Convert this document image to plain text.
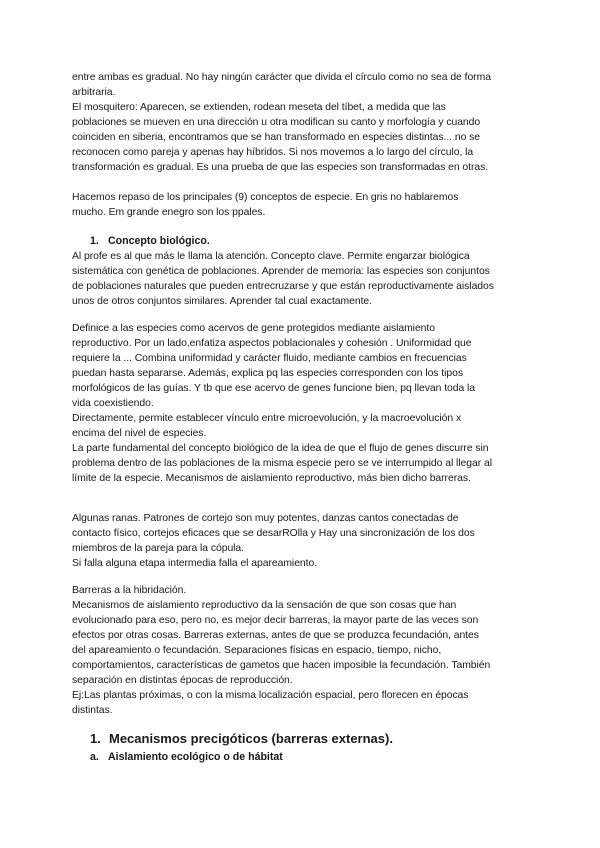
entre ambas es gradual. No hay ningún carácter que divida el círculo como no sea de forma
arbitraria.
El mosquitero: Aparecen, se extienden, rodean meseta del tíbet, a medida que las
poblaciones se mueven en una dirección u otra modifican su canto y morfología y cuando
coinciden en siberia, encontramos que se han transformado en especies distintas... no se
reconocen como pareja y apenas hay híbridos. Si nos movemos a lo largo del círculo, la
transformación es gradual. Es una prueba de que las especies son transformadas en otras.

Hacemos repaso de los principales (9) conceptos de especie. En gris no hablaremos
mucho. Em grande enegro son los ppales.

1. Concepto biológico.

Al profe es al que más le llama la atención. Concepto clave. Permite engarzar biológica
sistemática con genética de poblaciones. Aprender de memoria: las especies son conjuntos
de poblaciones naturales que pueden entrecruzarse y que están reproductivamente aislados
unos de otros conjuntos similares. Aprender tal cual exactamente.

Definice a las especies como acervos de gene protegidos mediante aislamiento
reproductivo. Por un lado,enfatiza aspectos poblacionales y cohesión . Uniformidad que
requiere la ... Combina uniformidad y carácter fluido, mediante cambios en frecuencias
puedan hasta separarse. Además, explica pq las especies corresponden con los tipos
morfológicos de las guías. Y tb que ese acervo de genes funcione bien, pq llevan toda la
vida coexistiendo.
Directamente, permite establecer vínculo entre microevolución, y la macroevolución x
encima del nivel de especies.
La parte fundamental del concepto biológico de la idea de que el flujo de genes discurre sin
problema dentro de las poblaciones de la misma especie pero se ve interrumpido al llegar al
límite de la especie. Mecanismos de aislamiento reproductivo, más bien dicho barreras.

Algunas ranas. Patrones de cortejo son muy potentes, danzas cantos conectadas de
contacto físico, cortejos eficaces que se desarROlla y Hay una sincronización de los dos
miembros de la pareja para la cópula.
Si falla alguna etapa intermedia falla el apareamiento.

Barreras a la hibridación.
Mecanismos de aislamiento reproductivo da la sensación de que son cosas que han
evolucionado para eso, pero no, es mejor decir barreras, la mayor parte de las veces son
efectos por otras cosas. Barreras externas, antes de que se produzca fecundación, antes
del apareamiento o fecundación. Separaciones físicas en espacio, tiempo, nicho,
comportamientos, características de gametos que hacen imposible la fecundación. También
separación en distintas épocas de reproducción.
Ej:Las plantas próximas, o con la misma localización espacial, pero florecen en épocas
distintas.

1. Mecanismos precigóticos (barreras externas).
a. Aislamiento ecológico o de hábitat
